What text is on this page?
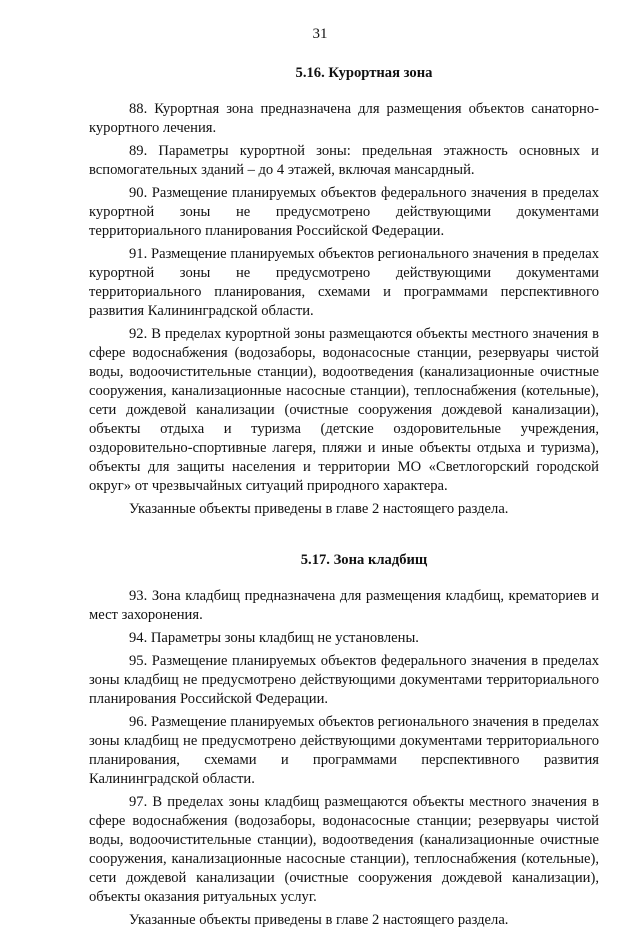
31
5.16. Курортная зона

88. Курортная зона предназначена для размещения объектов санаторно-курортного лечения.

89. Параметры курортной зоны: предельная этажность основных и вспомогательных зданий – до 4 этажей, включая мансардный.

90. Размещение планируемых объектов федерального значения в пределах курортной зоны не предусмотрено действующими документами территориального планирования Российской Федерации.

91. Размещение планируемых объектов регионального значения в пределах курортной зоны не предусмотрено действующими документами территориального планирования, схемами и программами перспективного развития Калининградской области.

92. В пределах курортной зоны размещаются объекты местного значения в сфере водоснабжения (водозаборы, водонасосные станции, резервуары чистой воды, водоочистительные станции), водоотведения (канализационные очистные сооружения, канализационные насосные станции), теплоснабжения (котельные), сети дождевой канализации (очистные сооружения дождевой канализации), объекты отдыха и туризма (детские оздоровительные учреждения, оздоровительно-спортивные лагеря, пляжи и иные объекты отдыха и туризма), объекты для защиты населения и территории МО «Светлогорский городской округ» от чрезвычайных ситуаций природного характера.

Указанные объекты приведены в главе 2 настоящего раздела.

5.17. Зона кладбищ

93. Зона кладбищ предназначена для размещения кладбищ, крематориев и мест захоронения.

94. Параметры зоны кладбищ не установлены.

95. Размещение планируемых объектов федерального значения в пределах зоны кладбищ не предусмотрено действующими документами территориального планирования Российской Федерации.

96. Размещение планируемых объектов регионального значения в пределах зоны кладбищ не предусмотрено действующими документами территориального планирования, схемами и программами перспективного развития Калининградской области.

97. В пределах зоны кладбищ размещаются объекты местного значения в сфере водоснабжения (водозаборы, водонасосные станции; резервуары чистой воды, водоочистительные станции), водоотведения (канализационные очистные сооружения, канализационные насосные станции), теплоснабжения (котельные), сети дождевой канализации (очистные сооружения дождевой канализации), объекты оказания ритуальных услуг.

Указанные объекты приведены в главе 2 настоящего раздела.
